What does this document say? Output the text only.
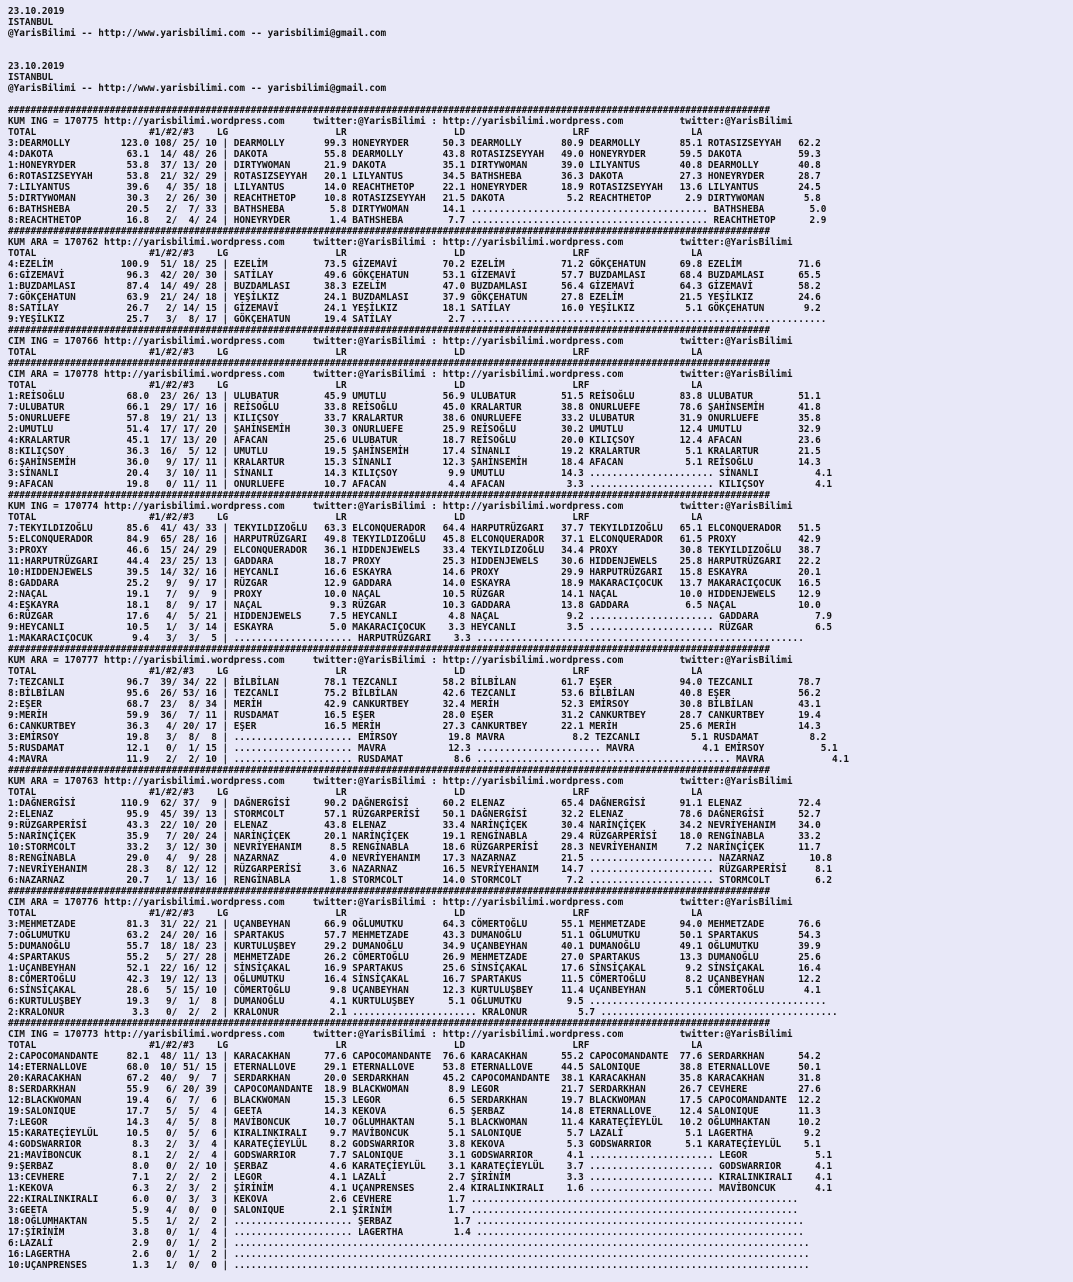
23.10.2019
ISTANBUL
@YarisBilimi -- http://www.yarisbilimi.com -- yarisbilimi@gmail.com
23.10.2019
ISTANBUL
@YarisBilimi -- http://www.yarisbilimi.com -- yarisbilimi@gmail.com
#######################################################################################################################################
KUM ING = 170775 http://yarisbilimi.wordpress.com     twitter:@YarisBilimi : http://yarisbilimi.wordpress.com          twitter:@YarisBilimi
TOTAL                    #1/#2/#3    LG                   LR                   LD                   LRF                  LA
3:DEARMOLLY         123.0 108/ 25/ 10 | DEARMOLLY       99.3 HONEYRYDER      50.3 DEARMOLLY       80.9 DEARMOLLY       85.1 ROTASIZSEYYAH   62.2
4:DAKOTA             63.1  14/ 48/ 26 | DAKOTA          55.8 DEARMOLLY       43.8 ROTASIZSEYYAH   49.0 HONEYRYDER      59.5 DAKOTA          59.3
1:HONEYRYDER         53.8  37/ 13/ 20 | DIRTYWOMAN      21.9 DAKOTA          35.1 DIRTYWOMAN      39.0 LILYANTUS       40.8 DEARMOLLY       40.8
6:ROTASIZSEYYAH      53.8  21/ 32/ 29 | ROTASIZSEYYAH   20.1 LILYANTUS       34.5 BATHSHEBA       36.3 DAKOTA          27.3 HONEYRYDER      28.7
7:LILYANTUS          39.6   4/ 35/ 18 | LILYANTUS       14.0 REACHTHETOP     22.1 HONEYRYDER      18.9 ROTASIZSEYYAH   13.6 LILYANTUS       24.5
5:DIRTYWOMAN         30.3   2/ 26/ 30 | REACHTHETOP     10.8 ROTASIZSEYYAH   21.5 DAKOTA           5.2 REACHTHETOP      2.9 DIRTYWOMAN       5.8
6:BATHSHEBA          20.5   2/  7/ 33 | BATHSHEBA        5.8 DIRTYWOMAN      14.1 .......................................... BATHSHEBA        5.0
8:REACHTHETOP        16.8   2/  4/ 24 | HONEYRYDER       1.4 BATHSHEBA        7.7 .......................................... REACHTHETOP      2.9
#######################################################################################################################################
KUM ARA = 170762 http://yarisbilimi.wordpress.com     twitter:@YarisBilimi : http://yarisbilimi.wordpress.com          twitter:@YarisBilimi
TOTAL                    #1/#2/#3    LG                   LR                   LD                   LRF                  LA
4:EZELİM            100.9  51/ 18/ 25 | EZELİM          73.5 GİZEMAVİ        70.2 EZELİM          71.2 GÖKÇEHATUN      69.8 EZELİM          71.6
6:GİZEMAVİ           96.3  42/ 20/ 30 | SATİLAY         49.6 GÖKÇEHATUN      53.1 GİZEMAVİ        57.7 BUZDAMLASI      68.4 BUZDAMLASI      65.5
1:BUZDAMLASI         87.4  14/ 49/ 28 | BUZDAMLASI      38.3 EZELİM          47.0 BUZDAMLASI      56.4 GİZEMAVİ        64.3 GİZEMAVİ        58.2
7:GÖKÇEHATUN         63.9  21/ 24/ 18 | YEŞİLKIZ        24.1 BUZDAMLASI      37.9 GÖKÇEHATUN      27.8 EZELİM          21.5 YEŞİLKIZ        24.6
8:SATİLAY            26.7   2/ 14/ 15 | GİZEMAVİ        24.1 YEŞİLKIZ        18.1 SATİLAY         16.0 YEŞİLKIZ         5.1 GÖKÇEHATUN       9.2
9:YEŞİLKIZ           25.7   3/  8/ 17 | GÖKÇEHATUN      19.4 SATİLAY          2.7 ...............................................................
#######################################################################################################################################
CIM ING = 170766 http://yarisbilimi.wordpress.com     twitter:@YarisBilimi : http://yarisbilimi.wordpress.com          twitter:@YarisBilimi
TOTAL                    #1/#2/#3    LG                   LR                   LD                   LRF                  LA
#######################################################################################################################################
CIM ARA = 170778 http://yarisbilimi.wordpress.com     twitter:@YarisBilimi : http://yarisbilimi.wordpress.com          twitter:@YarisBilimi
TOTAL                    #1/#2/#3    LG                   LR                   LD                   LRF                  LA
1:REİSOĞLU           68.0  23/ 26/ 13 | ULUBATUR        45.9 UMUTLU          56.9 ULUBATUR        51.5 REİSOĞLU        83.8 ULUBATUR        51.1
7:ULUBATUR           66.1  29/ 17/ 16 | REİSOĞLU        33.8 REİSOĞLU        45.0 KRALARTUR       38.8 ONURLUEFE       78.6 ŞAHİNSEMİH      41.8
5:ONURLUEFE          57.8  19/ 21/ 13 | KILIÇSOY        33.7 KRALARTUR       38.6 ONURLUEFE       33.2 ULUBATUR        31.9 ONURLUEFE       35.8
2:UMUTLU             51.4  17/ 17/ 20 | ŞAHİNSEMİH      30.3 ONURLUEFE       25.9 REİSOĞLU        30.2 UMUTLU          12.4 UMUTLU          32.9
4:KRALARTUR          45.1  17/ 13/ 20 | AFACAN          25.6 ULUBATUR        18.7 REİSOĞLU        20.0 KILIÇSOY        12.4 AFACAN          23.6
8:KILIÇSOY           36.3  16/  5/ 12 | UMUTLU          19.5 ŞAHİNSEMİH      17.4 SİNANLI         19.2 KRALARTUR        5.1 KRALARTUR       21.5
6:ŞAHİNSEMİH         36.0   9/ 17/ 11 | KRALARTUR       15.3 SİNANLI         12.3 ŞAHİNSEMİH      18.4 AFACAN           5.1 REİSOĞLU        14.3
3:SİNANLI            20.4   3/ 10/ 11 | SİNANLI         14.3 KILIÇSOY         9.9 UMUTLU          14.3 ...................... SİNANLI          4.1
9:AFACAN             19.8   0/ 11/ 11 | ONURLUEFE       10.7 AFACAN           4.4 AFACAN           3.3 ...................... KILIÇSOY         4.1
#######################################################################################################################################
KUM ING = 170774 http://yarisbilimi.wordpress.com     twitter:@YarisBilimi : http://yarisbilimi.wordpress.com          twitter:@YarisBilimi
TOTAL                    #1/#2/#3    LG                   LR                   LD                   LRF                  LA
7:TEKYILDIZOĞLU      85.6  41/ 43/ 33 | TEKYILDIZOĞLU   63.3 ELCONQUERADOR   64.4 HARPUTRÜZGARI   37.7 TEKYILDIZOĞLU   65.1 ELCONQUERADOR   51.5
5:ELCONQUERADOR      84.9  65/ 28/ 16 | HARPUTRÜZGARI   49.8 TEKYILDIZOĞLU   45.8 ELCONQUERADOR   37.1 ELCONQUERADOR   61.5 PROXY           42.9
3:PROXY              46.6  15/ 24/ 29 | ELCONQUERADOR   36.1 HIDDENJEWELS    33.4 TEKYILDIZOĞLU   34.4 PROXY           30.8 TEKYILDIZOĞLU   38.7
11:HARPUTRÜZGARI     44.4  23/ 25/ 13 | GADDARA         18.7 PROXY           25.3 HIDDENJEWELS    30.6 HIDDENJEWELS    25.8 HARPUTRÜZGARI   22.2
10:HIDDENJEWELS      39.5  14/ 32/ 16 | HEYCANLI        16.6 ESKAYRA         14.6 PROXY           29.9 HARPUTRÜZGARI   15.8 ESKAYRA         20.1
8:GADDARA            25.2   9/  9/ 17 | RÜZGAR          12.9 GADDARA         14.0 ESKAYRA         18.9 MAKARACIÇOCUK   13.7 MAKARACIÇOCUK   16.5
2:NAÇAL              19.1   7/  9/  9 | PROXY           10.0 NAÇAL           10.5 RÜZGAR          14.1 NAÇAL           10.0 HIDDENJEWELS    12.9
4:EŞKAYRA            18.1   8/  9/ 17 | NAÇAL            9.3 RÜZGAR          10.3 GADDARA         13.8 GADDARA          6.5 NAÇAL           10.0
6:RÜZGAR             17.6   4/  5/ 21 | HIDDENJEWELS     7.5 HEYCANLI         4.8 NAÇAL            9.2 ...................... GADDARA          7.9
9:HEYCANLI           10.5   1/  3/ 14 | ESKAYRA          5.0 MAKARACIÇOCUK    3.3 HEYCANLI         3.5 ...................... RÜZGAR           6.5
1:MAKARACIÇOCUK       9.4   3/  3/  5 | ..................... HARPUTRÜZGARI    3.3 ..........................................................
#######################################################################################################################################
KUM ARA = 170777 http://yarisbilimi.wordpress.com     twitter:@YarisBilimi : http://yarisbilimi.wordpress.com          twitter:@YarisBilimi
TOTAL                    #1/#2/#3    LG                   LR                   LD                   LRF                  LA
7:TEZCANLI           96.7  39/ 34/ 22 | BİLBİLAN        78.1 TEZCANLI        58.2 BİLBİLAN        61.7 EŞER            94.0 TEZCANLI        78.7
8:BİLBİLAN           95.6  26/ 53/ 16 | TEZCANLI        75.2 BİLBİLAN        42.6 TEZCANLI        53.6 BİLBİLAN        40.8 EŞER            56.2
2:EŞER               68.7  23/  8/ 34 | MERİH           42.9 CANKURTBEY      32.4 MERİH           52.3 EMİRSOY         30.8 BİLBİLAN        43.1
9:MERİH              59.9  36/  7/ 11 | RUSDAMAT        16.5 EŞER            28.0 EŞER            31.2 CANKURTBEY      28.7 CANKURTBEY      19.4
6:CANKURTBEY         36.3   4/ 20/ 17 | EŞER            16.5 MERİH           27.3 CANKURTBEY      22.1 MERİH           25.6 MERİH           14.3
3:EMİRSOY            19.8   3/  8/  8 | ..................... EMİRSOY         19.8 MAVRA            8.2 TEZCANLI         5.1 RUSDAMAT         8.2
5:RUSDAMAT           12.1   0/  1/ 15 | ..................... MAVRA           12.3 ...................... MAVRA            4.1 EMİRSOY          5.1
4:MAVRA              11.9   2/  2/ 10 | ..................... RUSDAMAT         8.6 ............................................. MAVRA            4.1
#######################################################################################################################################
KUM ARA = 170763 http://yarisbilimi.wordpress.com     twitter:@YarisBilimi : http://yarisbilimi.wordpress.com          twitter:@YarisBilimi
TOTAL                    #1/#2/#3    LG                   LR                   LD                   LRF                  LA
1:DAĞNERGİSİ        110.9  62/ 37/  9 | DAĞNERGİSİ      90.2 DAĞNERGİSİ      60.2 ELENAZ          65.4 DAĞNERGİSİ      91.1 ELENAZ          72.4
2:ELENAZ             95.9  45/ 39/ 13 | STORMCOLT       57.1 RÜZGARPERİSİ    50.1 DAĞNERGİSİ      32.2 ELENAZ          78.6 DAĞNERGİSİ      52.7
9:RÜZGARPERİSİ       43.3  22/ 10/ 20 | ELENAZ          43.8 ELENAZ          33.4 NARİNÇİÇEK      30.4 NARİNÇİÇEK      34.2 NEVRİYEHANIM    34.0
5:NARİNÇİÇEK         35.9   7/ 20/ 24 | NARİNÇİÇEK      20.1 NARİNÇİÇEK      19.1 RENGİNABLA      29.4 RÜZGARPERİSİ    18.0 RENGİNABLA      33.2
10:STORMCOLT         33.2   3/ 12/ 30 | NEVRİYEHANIM     8.5 RENGİNABLA      18.6 RÜZGARPERİSİ    28.3 NEVRİYEHANIM     7.2 NARİNÇİÇEK      11.7
8:RENGİNABLA         29.0   4/  9/ 28 | NAZARNAZ         4.0 NEVRİYEHANIM    17.3 NAZARNAZ        21.5 ...................... NAZARNAZ        10.8
7:NEVRİYEHANIM       28.3   8/ 12/ 12 | RÜZGARPERİSİ     3.6 NAZARNAZ        16.5 NEVRİYEHANIM    14.7 ...................... RÜZGARPERİSİ     8.1
6:NAZARNAZ           20.7   1/ 13/ 16 | RENGİNABLA       1.8 STORMCOLT       14.0 STORMCOLT        7.2 ...................... STORMCOLT        6.2
#######################################################################################################################################
CIM ARA = 170776 http://yarisbilimi.wordpress.com     twitter:@YarisBilimi : http://yarisbilimi.wordpress.com          twitter:@YarisBilimi
TOTAL                    #1/#2/#3    LG                   LR                   LD                   LRF                  LA
3:MEHMETZADE         81.3  31/ 22/ 21 | UÇANBEYHAN      66.9 OĞLUMUTKU       64.3 CÖMERTOĞLU      55.1 MEHMETZADE      94.0 MEHMETZADE      76.6
7:OĞLUMUTKU          63.2  24/ 20/ 16 | SPARTAKUS       57.7 MEHMETZADE      43.3 DUMANOĞLU       51.1 OĞLUMUTKU       50.1 SPARTAKUS       54.3
5:DUMANOĞLU          55.7  18/ 18/ 23 | KURTULUŞBEY     29.2 DUMANOĞLU       34.9 UÇANBEYHAN      40.1 DUMANOĞLU       49.1 OĞLUMUTKU       39.9
4:SPARTAKUS          55.2   5/ 27/ 28 | MEHMETZADE      26.2 CÖMERTOĞLU      26.9 MEHMETZADE      27.0 SPARTAKUS       13.3 DUMANOĞLU       25.6
1:UÇANBEYHAN         52.1  22/ 16/ 12 | SİNSİÇAKAL      16.9 SPARTAKUS       25.6 SİNSİÇAKAL      17.6 SİNSİÇAKAL       9.2 SİNSİÇAKAL      16.4
8:CÖMERTOĞLU         42.3  19/ 12/ 13 | OĞLUMUTKU       16.4 SİNSİÇAKAL      16.7 SPARTAKUS       11.5 CÖMERTOĞLU       8.2 UÇANBEYHAN      12.2
6:SİNSİÇAKAL         28.6   5/ 15/ 10 | CÖMERTOĞLU       9.8 UÇANBEYHAN      12.3 KURTULUŞBEY     11.4 UÇANBEYHAN       5.1 CÖMERTOĞLU       4.1
6:KURTULUŞBEY        19.3   9/  1/  8 | DUMANOĞLU        4.1 KURTULUŞBEY      5.1 OĞLUMUTKU        9.5 ..........................................
2:KRALONUR            3.3   0/  2/  2 | KRALONUR         2.1 ...................... KRALONUR         5.7 ..........................................
#######################################################################################################################################
CIM ING = 170773 http://yarisbilimi.wordpress.com     twitter:@YarisBilimi : http://yarisbilimi.wordpress.com          twitter:@YarisBilimi
TOTAL                    #1/#2/#3    LG                   LR                   LD                   LRF                  LA
2:CAPOCOMANDANTE     82.1  48/ 11/ 13 | KARACAKHAN      77.6 CAPOCOMANDANTE  76.6 KARACAKHAN      55.2 CAPOCOMANDANTE  77.6 SERDARKHAN      54.2
14:ETERNALLOVE       68.0  10/ 51/ 15 | ETERNALLOVE     29.1 ETERNALLOVE     53.8 ETERNALLOVE     44.5 SALONIQUE       38.8 ETERNALLOVE     50.1
20:KARACAKHAN        67.2  40/  9/  7 | SERDARKHAN      20.0 SERDARKHAN      45.2 CAPOCOMANDANTE  38.1 KARACAKHAN      35.8 KARACAKHAN      31.8
8:SERDARKHAN         55.9   6/ 20/ 39 | CAPOCOMANDANTE  18.9 BLACKWOMAN       8.9 LEGOR           21.7 SERDARKHAN      26.7 CEVHERE         27.6
12:BLACKWOMAN        19.4   6/  7/  6 | BLACKWOMAN      15.3 LEGOR            6.5 SERDARKHAN      19.7 BLACKWOMAN      17.5 CAPOCOMANDANTE  12.2
19:SALONIQUE         17.7   5/  5/  4 | GEETA           14.3 KEKOVA           6.5 ŞERBAZ          14.8 ETERNALLOVE     12.4 SALONIQUE       11.3
7:LEGOR              14.3   4/  5/  8 | MAVİBONCUK      10.7 OĞLUMHAKTAN      5.1 BLACKWOMAN      11.4 KARATEÇİEYLÜL   10.2 OĞLUMHAKTAN     10.2
15:KARATEÇİEYLÜL     10.5   0/  5/  6 | KIRALINKIRALI    9.7 MAVİBONCUK       5.1 SALONIQUE        5.7 LAZALİ           5.1 LAGERTHA         9.2
4:GODSWARRIOR         8.3   2/  3/  4 | KARATEÇİEYLÜL    8.2 GODSWARRIOR      3.8 KEKOVA           5.3 GODSWARRIOR      5.1 KARATEÇİEYLÜL    5.1
21:MAVİBONCUK         8.1   2/  2/  4 | GODSWARRIOR      7.7 SALONIQUE        3.1 GODSWARRIOR      4.1 ...................... LEGOR            5.1
9:ŞERBAZ              8.0   0/  2/ 10 | ŞERBAZ           4.6 KARATEÇİEYLÜL    3.1 KARATEÇİEYLÜL    3.7 ...................... GODSWARRIOR      4.1
13:CEVHERE            7.1   2/  2/  2 | LEGOR            4.1 LAZALİ           2.7 ŞİRİNİM          3.3 ...................... KIRALINKIRALI    4.1
1:KEKOVA              6.3   2/  3/  2 | ŞİRİNİM          4.1 UÇANPRENSES      2.4 KIRALINKIRALI    1.6 ...................... MAVİBONCUK       4.1
22:KIRALINKIRALI      6.0   0/  3/  3 | KEKOVA           2.6 CEVHERE          1.7 ..........................................................
3:GEETA               5.9   4/  0/  0 | SALONIQUE        2.1 ŞİRİNİM          1.7 ..........................................................
18:OĞLUMHAKTAN        5.5   1/  2/  2 | ..................... ŞERBAZ           1.7 ..........................................................
17:ŞİRİNİM            3.8   0/  1/  4 | ..................... LAGERTHA         1.4 ..........................................................
6:LAZALİ              2.9   0/  1/  2 | ......................................................................................................
16:LAGERTHA           2.6   0/  1/  2 | ......................................................................................................
10:UÇANPRENSES        1.3   1/  0/  0 | ......................................................................................................
